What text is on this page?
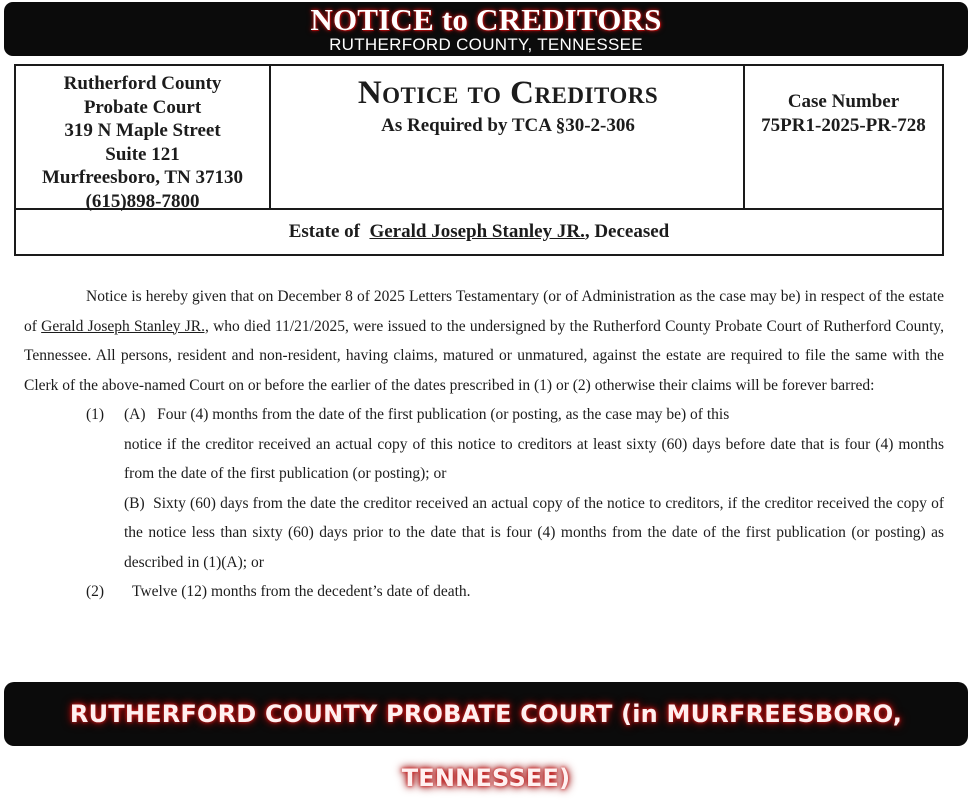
NOTICE to CREDITORS
RUTHERFORD COUNTY, TENNESSEE
Rutherford County
Probate Court
319 N Maple Street
Suite 121
Murfreesboro, TN 37130
(615)898-7800
Notice to Creditors
As Required by TCA §30-2-306
Case Number
75PR1-2025-PR-728
Estate of Gerald Joseph Stanley JR., Deceased

Notice is hereby given that on December 8 of 2025 Letters Testamentary (or of Administration as the case may be) in respect of the estate of Gerald Joseph Stanley JR., who died 11/21/2025, were issued to the undersigned by the Rutherford County Probate Court of Rutherford County, Tennessee. All persons, resident and non-resident, having claims, matured or unmatured, against the estate are required to file the same with the Clerk of the above-named Court on or before the earlier of the dates prescribed in (1) or (2) otherwise their claims will be forever barred:

(1) (A) Four (4) months from the date of the first publication (or posting, as the case may be) of this

notice if the creditor received an actual copy of this notice to creditors at least sixty (60) days before date that is four (4) months from the date of the first publication (or posting); or

(B) Sixty (60) days from the date the creditor received an actual copy of the notice to creditors, if the creditor received the copy of the notice less than sixty (60) days prior to the date that is four (4) months from the date of the first publication (or posting) as described in (1)(A); or

(2) Twelve (12) months from the decedent’s date of death.
RUTHERFORD COUNTY PROBATE COURT (in MURFREESBORO, TENNESSEE)
